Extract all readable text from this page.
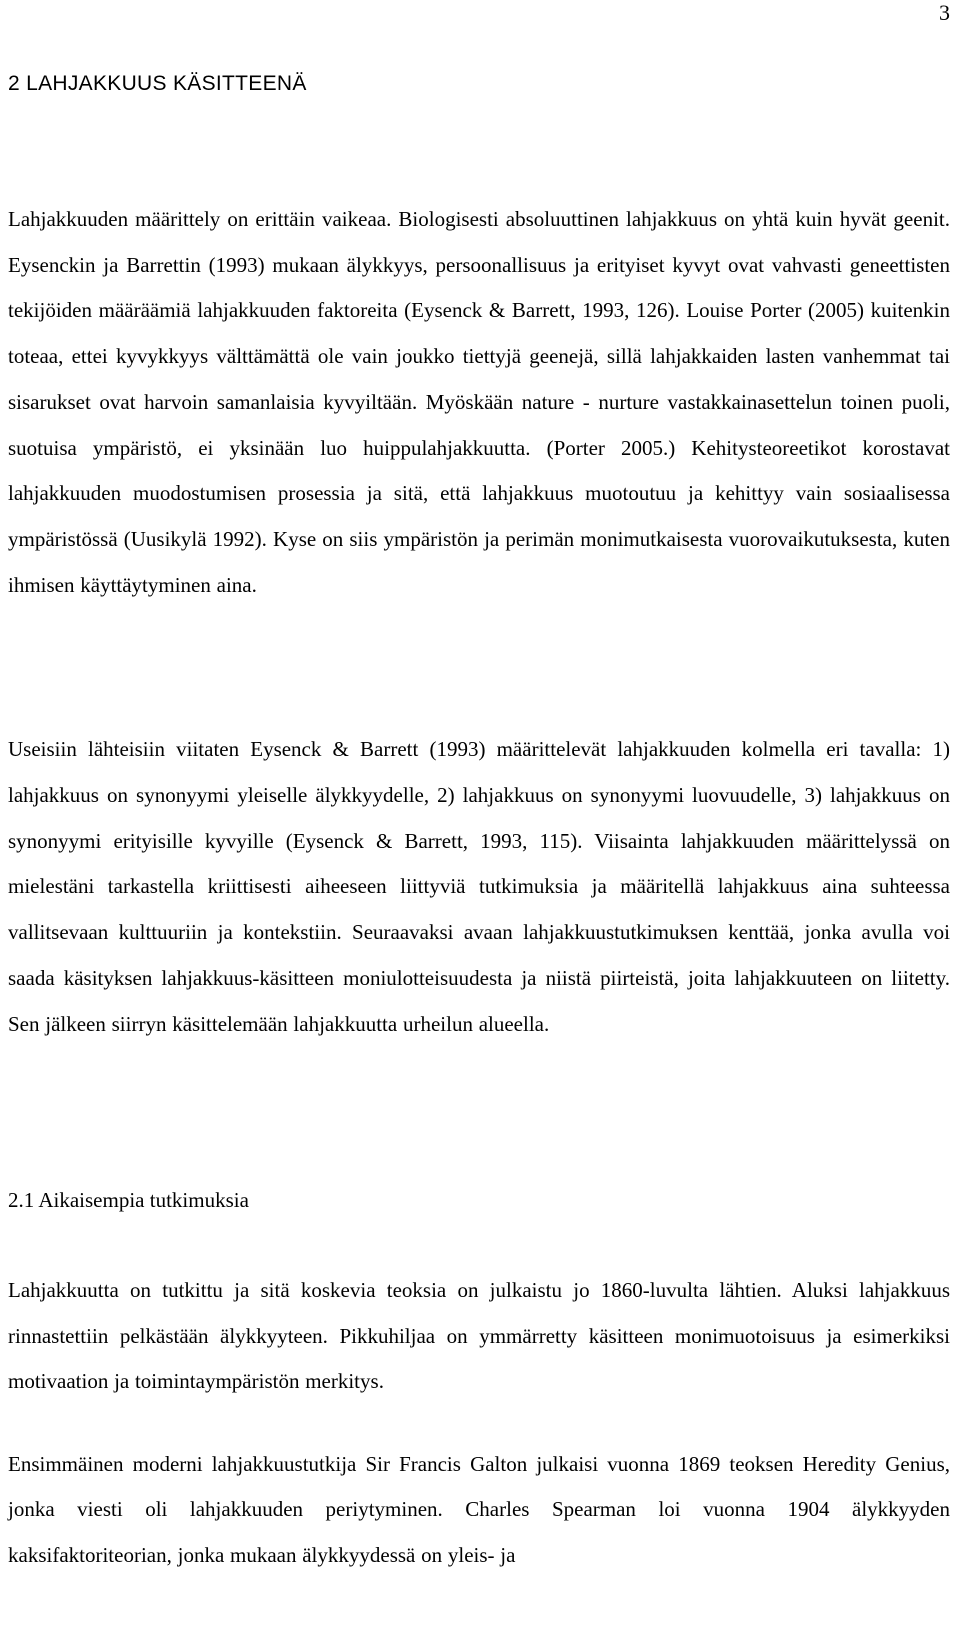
3
2 LAHJAKKUUS KÄSITTEENÄ

Lahjakkuuden määrittely on erittäin vaikeaa. Biologisesti absoluuttinen lahjakkuus on yhtä kuin hyvät geenit. Eysenckin ja Barrettin (1993) mukaan älykkyys, persoonallisuus ja erityiset kyvyt ovat vahvasti geneettisten tekijöiden määräämiä lahjakkuuden faktoreita (Eysenck & Barrett, 1993, 126). Louise Porter (2005) kuitenkin toteaa, ettei kyvykkyys välttämättä ole vain joukko tiettyjä geenejä, sillä lahjakkaiden lasten vanhemmat tai sisarukset ovat harvoin samanlaisia kyvyiltään. Myöskään nature - nurture vastakkainasettelun toinen puoli, suotuisa ympäristö, ei yksinään luo huippulahjakkuutta. (Porter 2005.) Kehitysteoreetikot korostavat lahjakkuuden muodostumisen prosessia ja sitä, että lahjakkuus muotoutuu ja kehittyy vain sosiaalisessa ympäristössä (Uusikylä 1992). Kyse on siis ympäristön ja perimän monimutkaisesta vuorovaikutuksesta, kuten ihmisen käyttäytyminen aina.

Useisiin lähteisiin viitaten Eysenck & Barrett (1993) määrittelevät lahjakkuuden kolmella eri tavalla: 1) lahjakkuus on synonyymi yleiselle älykkyydelle, 2) lahjakkuus on synonyymi luovuudelle, 3) lahjakkuus on synonyymi erityisille kyvyille (Eysenck & Barrett, 1993, 115). Viisainta lahjakkuuden määrittelyssä on mielestäni tarkastella kriittisesti aiheeseen liittyviä tutkimuksia ja määritellä lahjakkuus aina suhteessa vallitsevaan kulttuuriin ja kontekstiin. Seuraavaksi avaan lahjakkuustutkimuksen kenttää, jonka avulla voi saada käsityksen lahjakkuus-käsitteen moniulotteisuudesta ja niistä piirteistä, joita lahjakkuuteen on liitetty. Sen jälkeen siirryn käsittelemään lahjakkuutta urheilun alueella.

2.1 Aikaisempia tutkimuksia

Lahjakkuutta on tutkittu ja sitä koskevia teoksia on julkaistu jo 1860-luvulta lähtien. Aluksi lahjakkuus rinnastettiin pelkästään älykkyyteen. Pikkuhiljaa on ymmärretty käsitteen monimuotoisuus ja esimerkiksi motivaation ja toimintaympäristön merkitys.

Ensimmäinen moderni lahjakkuustutkija Sir Francis Galton julkaisi vuonna 1869 teoksen Heredity Genius, jonka viesti oli lahjakkuuden periytyminen. Charles Spearman loi vuonna 1904 älykkyyden kaksifaktoriteorian, jonka mukaan älykkyydessä on yleis- ja
